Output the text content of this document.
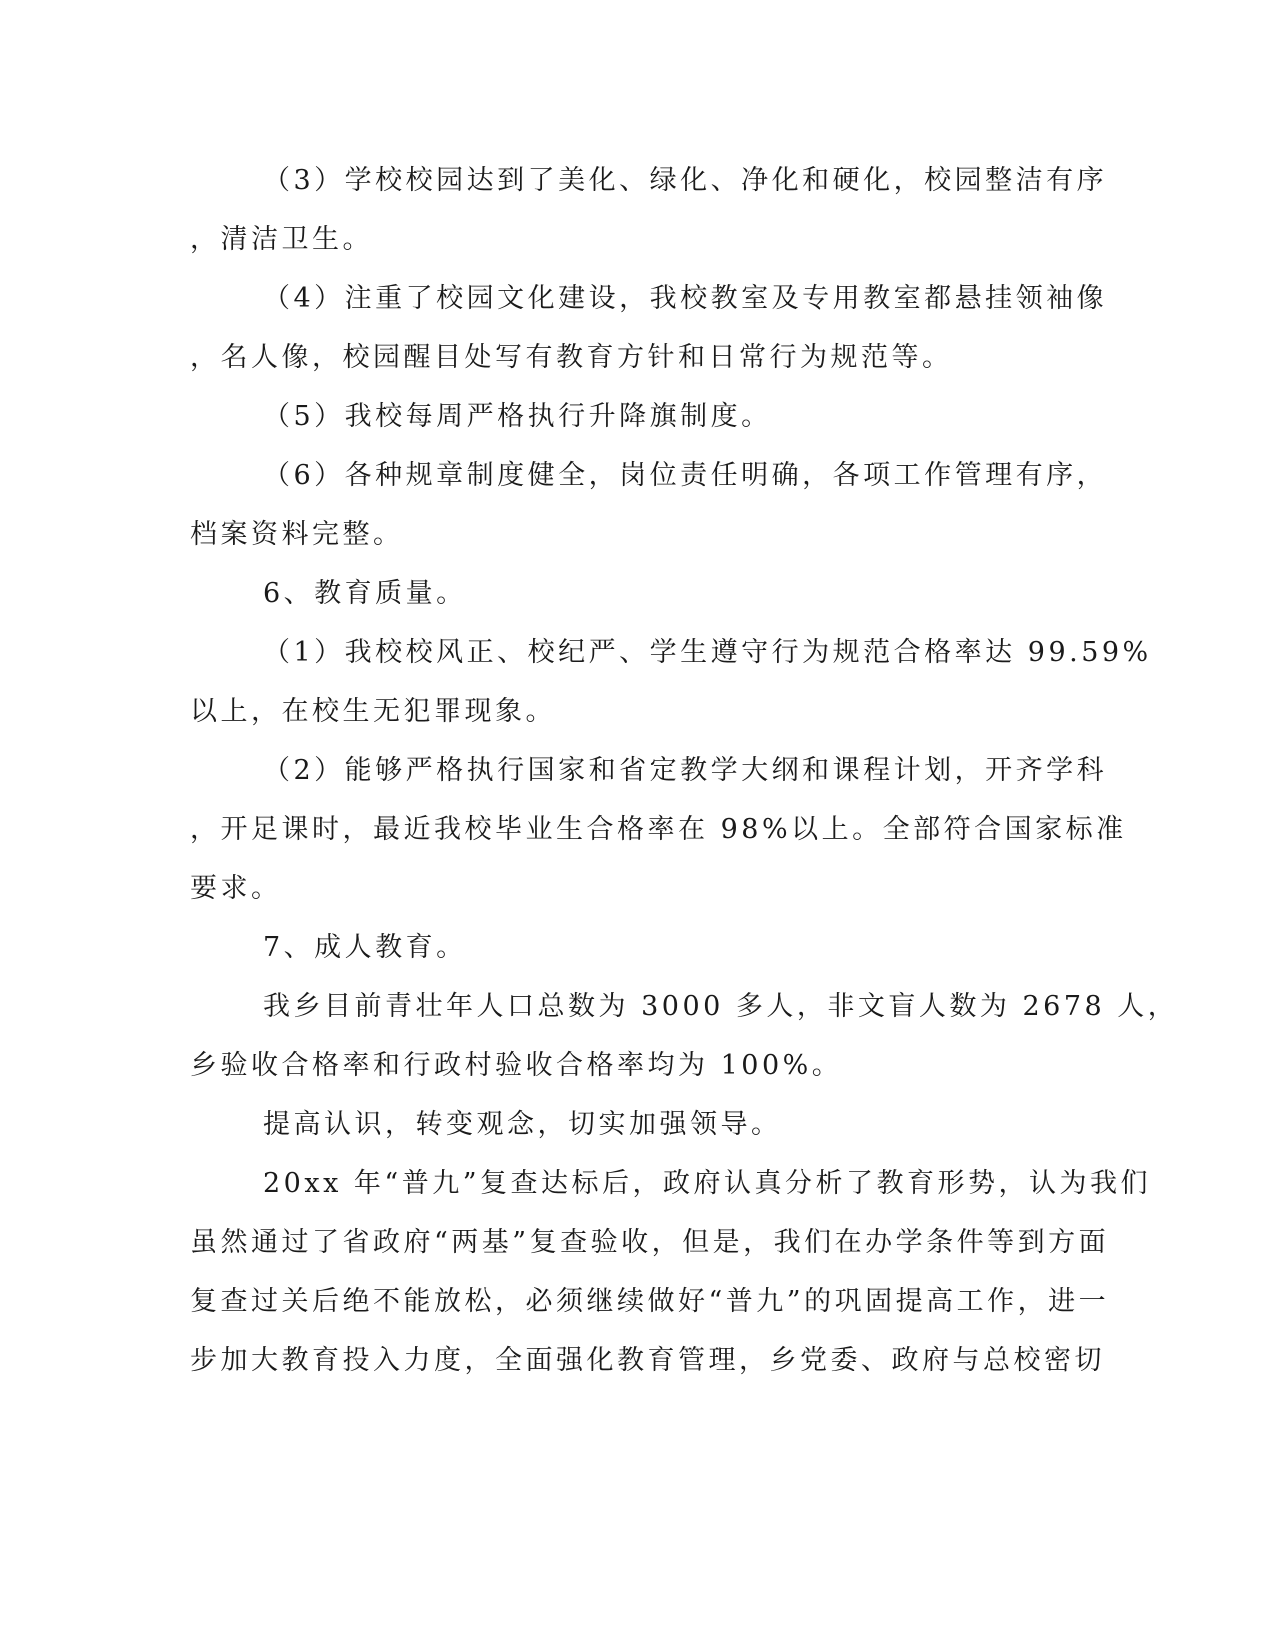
（3）学校校园达到了美化、绿化、净化和硬化，校园整洁有序

，清洁卫生。

（4）注重了校园文化建设，我校教室及专用教室都悬挂领袖像

，名人像，校园醒目处写有教育方针和日常行为规范等。

（5）我校每周严格执行升降旗制度。

（6）各种规章制度健全，岗位责任明确，各项工作管理有序，

档案资料完整。

6、教育质量。

（1）我校校风正、校纪严、学生遵守行为规范合格率达 99.59%

以上，在校生无犯罪现象。

（2）能够严格执行国家和省定教学大纲和课程计划，开齐学科

，开足课时，最近我校毕业生合格率在 98%以上。全部符合国家标准

要求。

7、成人教育。

我乡目前青壮年人口总数为 3000 多人，非文盲人数为 2678 人，

乡验收合格率和行政村验收合格率均为 100%。

提高认识，转变观念，切实加强领导。

20xx 年“普九”复查达标后，政府认真分析了教育形势，认为我们

虽然通过了省政府“两基”复查验收，但是，我们在办学条件等到方面

复查过关后绝不能放松，必须继续做好“普九”的巩固提高工作，进一

步加大教育投入力度，全面强化教育管理，乡党委、政府与总校密切
